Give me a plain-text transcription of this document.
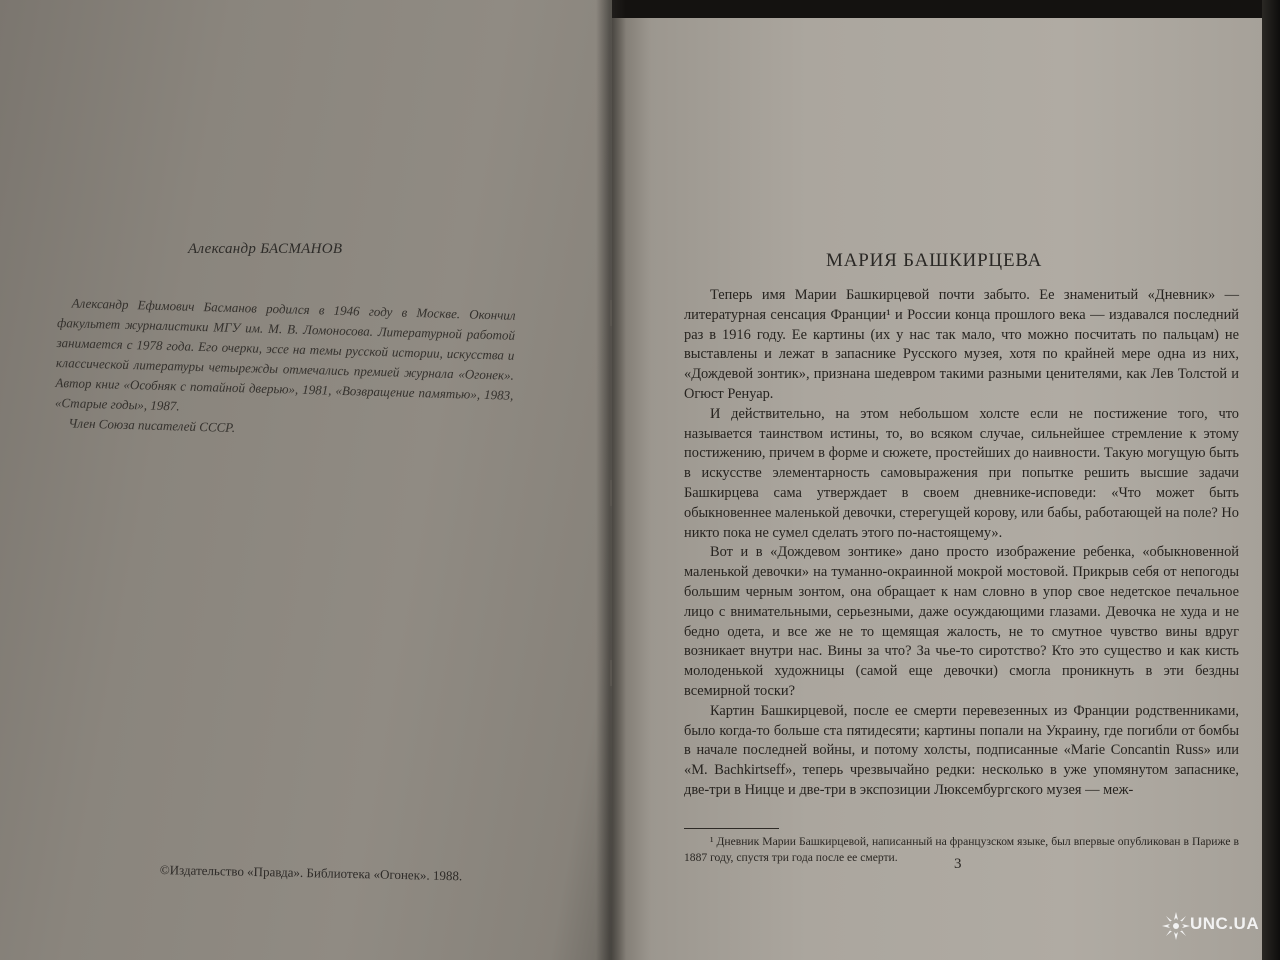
Александр БАСМАНОВ

Александр Ефимович Басманов родился в 1946 году в Москве. Окончил факультет журналистики МГУ им. М. В. Ломоносова. Литературной работой занимается с 1978 года. Его очерки, эссе на темы русской истории, искусства и классической литературы четырежды отмечались премией журнала «Огонек». Автор книг «Особняк с потайной дверью», 1981, «Возвращение памятью», 1983, «Старые годы», 1987.

Член Союза писателей СССР.

©Издательство «Правда». Библиотека «Огонек». 1988.
МАРИЯ БАШКИРЦЕВА

Теперь имя Марии Башкирцевой почти забыто. Ее знаменитый «Дневник» — литературная сенсация Франции¹ и России конца прошлого века — издавался последний раз в 1916 году. Ее картины (их у нас так мало, что можно посчитать по пальцам) не выставлены и лежат в запаснике Русского музея, хотя по крайней мере одна из них, «Дождевой зонтик», признана шедевром такими разными ценителями, как Лев Толстой и Огюст Ренуар.

И действительно, на этом небольшом холсте если не постижение того, что называется таинством истины, то, во всяком случае, сильнейшее стремление к этому постижению, причем в форме и сюжете, простейших до наивности. Такую могущую быть в искусстве элементарность самовыражения при попытке решить высшие задачи Башкирцева сама утверждает в своем дневнике-исповеди: «Что может быть обыкновеннее маленькой девочки, стерегущей корову, или бабы, работающей на поле? Но никто пока не сумел сделать этого по-настоящему».

Вот и в «Дождевом зонтике» дано просто изображение ребенка, «обыкновенной маленькой девочки» на туманно-окраинной мокрой мостовой. Прикрыв себя от непогоды большим черным зонтом, она обращает к нам словно в упор свое недетское печальное лицо с внимательными, серьезными, даже осуждающими глазами. Девочка не худа и не бедно одета, и все же не то щемящая жалость, не то смутное чувство вины вдруг возникает внутри нас. Вины за что? За чье-то сиротство? Кто это существо и как кисть молоденькой художницы (самой еще девочки) смогла проникнуть в эти бездны всемирной тоски?

Картин Башкирцевой, после ее смерти перевезенных из Франции родственниками, было когда-то больше ста пятидесяти; картины попали на Украину, где погибли от бомбы в начале последней войны, и потому холсты, подписанные «Marie Concantin Russ» или «M. Bachkirtseff», теперь чрезвычайно редки: несколько в уже упомянутом запаснике, две-три в Ницце и две-три в экспозиции Люксембургского музея — меж-

¹ Дневник Марии Башкирцевой, написанный на французском языке, был впервые опубликован в Париже в 1887 году, спустя три года после ее смерти.	3
UNC.UA
